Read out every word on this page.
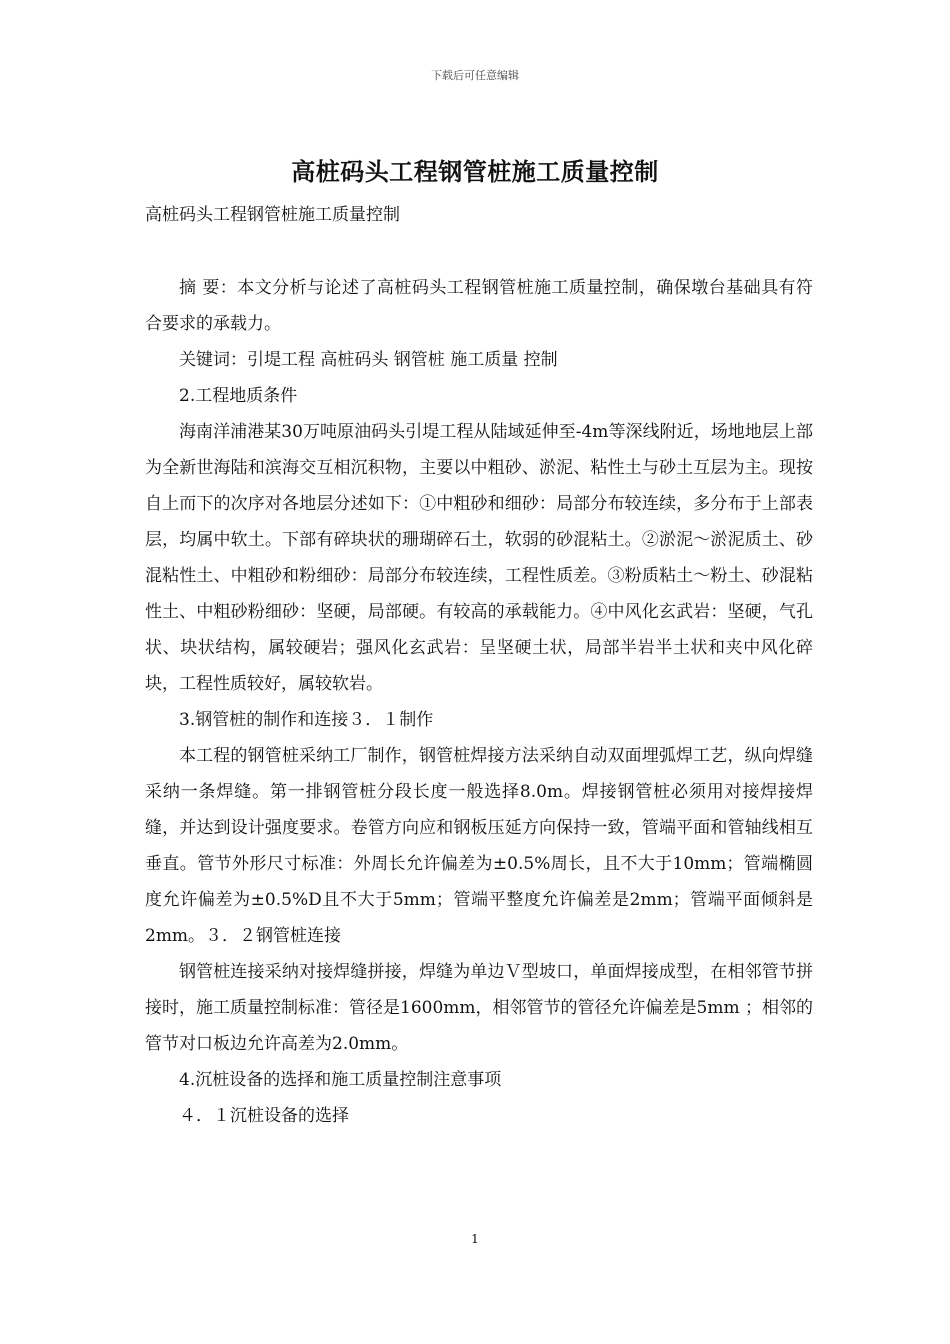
下载后可任意编辑
高桩码头工程钢管桩施工质量控制
高桩码头工程钢管桩施工质量控制

摘 要：本文分析与论述了高桩码头工程钢管桩施工质量控制，确保墩台基础具有符合要求的承载力。

关键词：引堤工程 高桩码头 钢管桩 施工质量 控制

2.工程地质条件

海南洋浦港某30万吨原油码头引堤工程从陆域延伸至-4m等深线附近，场地地层上部为全新世海陆和滨海交互相沉积物，主要以中粗砂、淤泥、粘性土与砂土互层为主。现按自上而下的次序对各地层分述如下：①中粗砂和细砂：局部分布较连续，多分布于上部表层，均属中软土。下部有碎块状的珊瑚碎石土，软弱的砂混粘土。②淤泥～淤泥质土、砂混粘性土、中粗砂和粉细砂：局部分布较连续，工程性质差。③粉质粘土～粉土、砂混粘性土、中粗砂粉细砂：坚硬，局部硬。有较高的承载能力。④中风化玄武岩：坚硬，气孔状、块状结构，属较硬岩；强风化玄武岩：呈坚硬土状，局部半岩半土状和夹中风化碎块，工程性质较好，属较软岩。

3.钢管桩的制作和连接３．１制作

本工程的钢管桩采纳工厂制作，钢管桩焊接方法采纳自动双面埋弧焊工艺，纵向焊缝采纳一条焊缝。第一排钢管桩分段长度一般选择8.0m。焊接钢管桩必须用对接焊接焊缝，并达到设计强度要求。卷管方向应和钢板压延方向保持一致，管端平面和管轴线相互垂直。管节外形尺寸标准：外周长允许偏差为±0.5%周长，且不大于10mm；管端椭圆度允许偏差为±0.5%D且不大于5mm；管端平整度允许偏差是2mm；管端平面倾斜是2mm。３．２钢管桩连接

钢管桩连接采纳对接焊缝拼接，焊缝为单边Ｖ型坡口，单面焊接成型，在相邻管节拼接时，施工质量控制标准：管径是1600mm，相邻管节的管径允许偏差是5mm ；相邻的管节对口板边允许高差为2.0mm。

4.沉桩设备的选择和施工质量控制注意事项

４．１沉桩设备的选择

1
